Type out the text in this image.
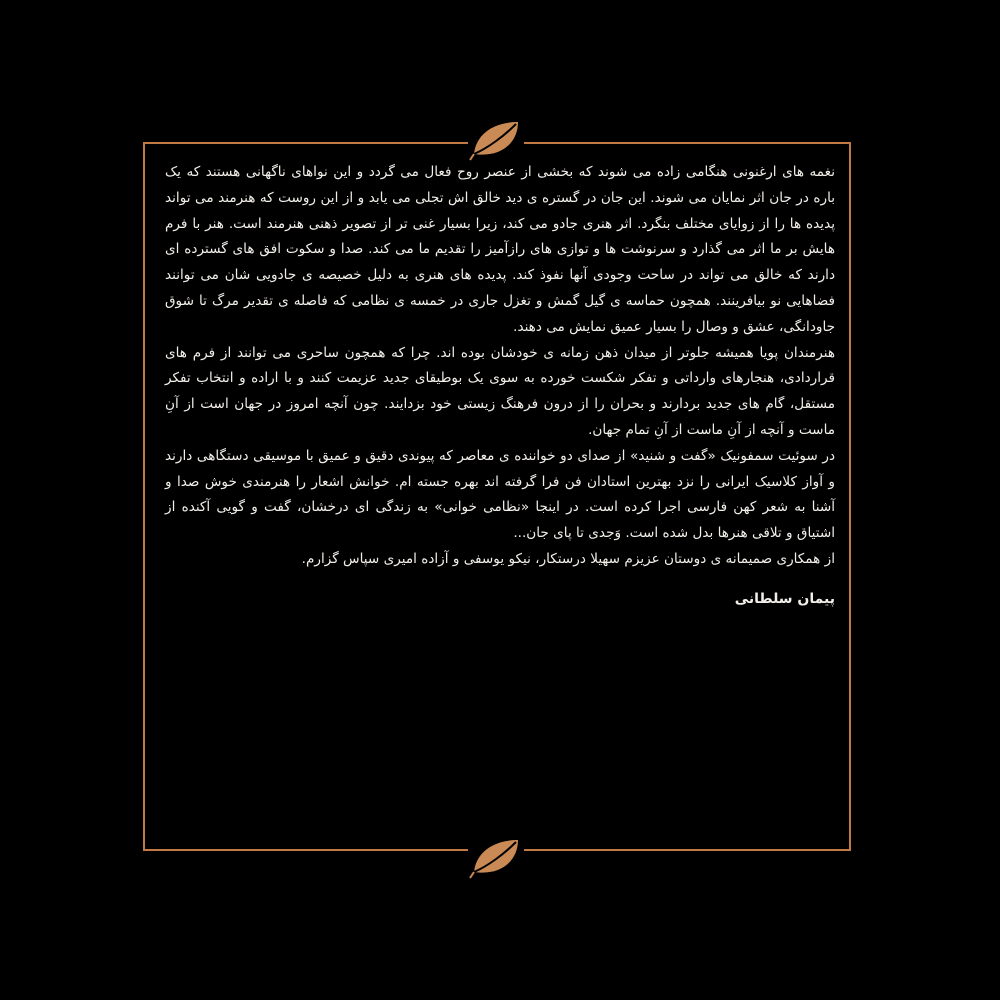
نغمه های ارغنونی هنگامی زاده می شوند که بخشی از عنصر روح فعال می گردد و این نواهای ناگهانی هستند که یک باره در جان اثر نمایان می شوند. این جان در گستره ی دید خالق اش تجلی می یابد و از این روست که هنرمند می تواند پدیده ها را از زوایای مختلف بنگرد. اثر هنری جادو می کند، زیرا بسیار غنی تر از تصویر ذهنی هنرمند است. هنر با فرم هایش بر ما اثر می گذارد و سرنوشت ها و توازی های رازآمیز را تقدیم ما می کند. صدا و سکوت افق های گسترده ای دارند که خالق می تواند در ساحت وجودی آنها نفوذ کند. پدیده های هنری به دلیل خصیصه ی جادویی شان می توانند فضاهایی نو بیافرینند. همچون حماسه ی گیل گمش و تغزل جاری در خمسه ی نظامی که فاصله ی تقدیر مرگ تا شوق جاودانگی، عشق و وصال را بسیار عمیق نمایش می دهند.

هنرمندان پویا همیشه جلوتر از میدان ذهن زمانه ی خودشان بوده اند. چرا که همچون ساحری می توانند از فرم های قراردادی، هنجارهای وارداتی و تفکر شکست خورده به سوی یک بوطیقای جدید عزیمت کنند و با اراده و انتخاب تفکر مستقل، گام های جدید بردارند و بحران را از درون فرهنگ زیستی خود بزدایند. چون آنچه امروز در جهان است از آنِ ماست و آنچه از آنِ ماست از آنِ تمام جهان.

در سوئیت سمفونیک «گفت و شنید» از صدای دو خواننده ی معاصر که پیوندی دقیق و عمیق با موسیقی دستگاهی دارند و آواز کلاسیک ایرانی را نزد بهترین استادان فن فرا گرفته اند بهره جسته ام. خوانش اشعار را هنرمندی خوش صدا و آشنا به شعر کهن فارسی اجرا کرده است. در اینجا «نظامی خوانی» به زندگی ای درخشان، گفت و گویی آکنده از اشتیاق و تلاقی هنرها بدل شده است. وَجدی تا پای جان...

از همکاری صمیمانه ی دوستان عزیزم سهیلا درستکار، نیکو یوسفی و آزاده امیری سپاس گزارم.

پیمان سلطانی
